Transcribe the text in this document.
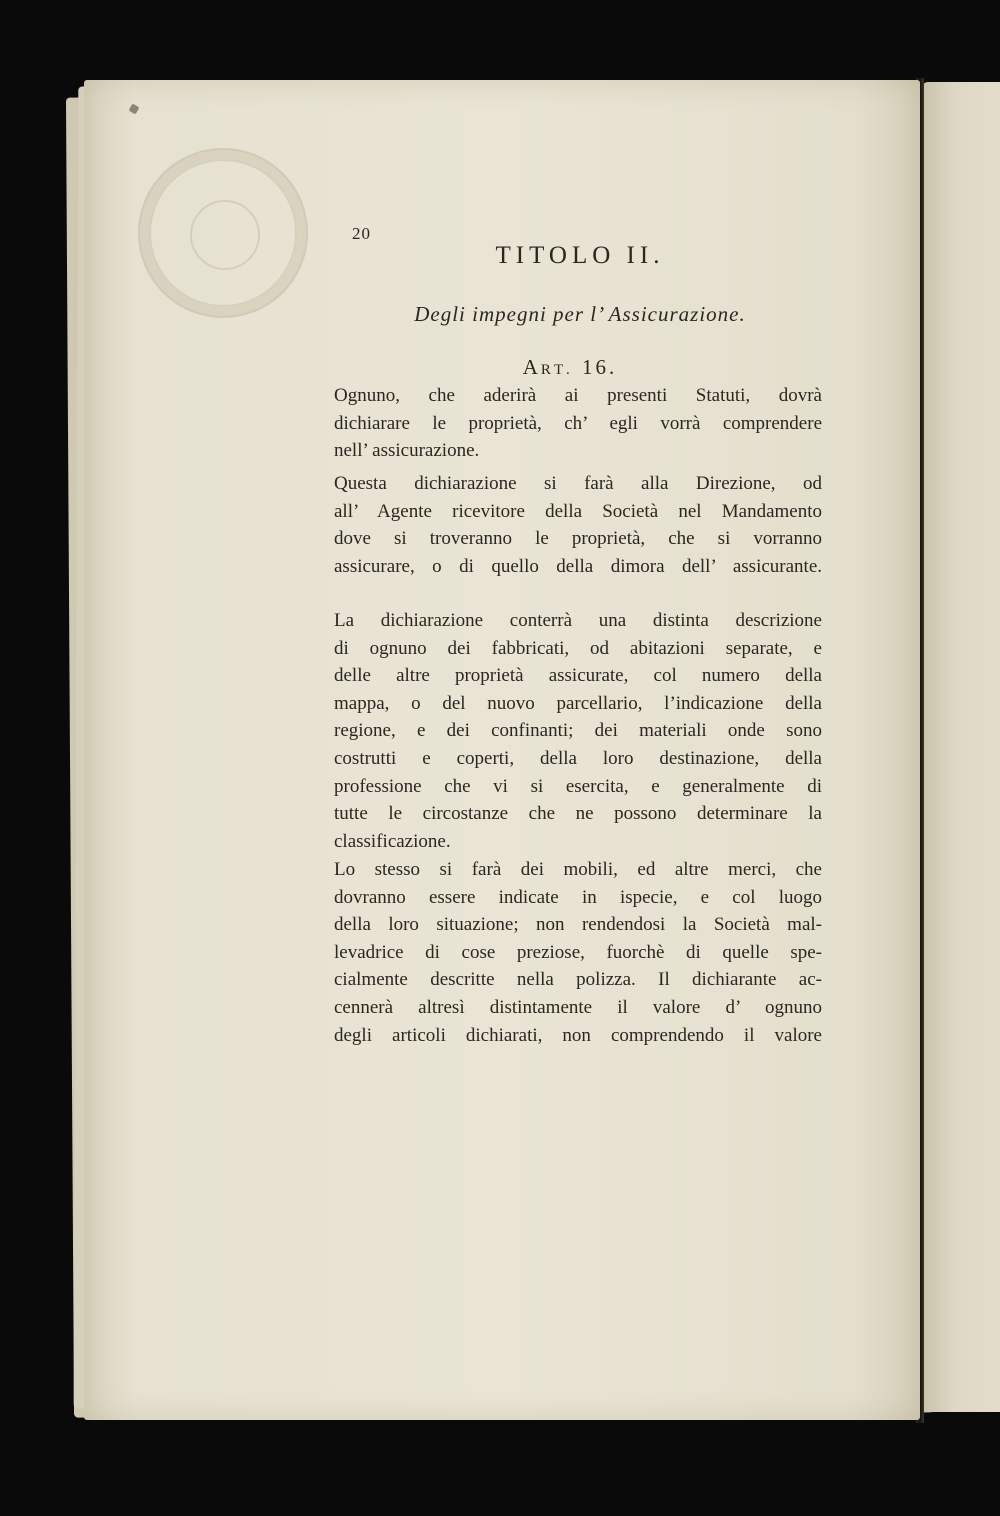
20
TITOLO II.
Degli impegni per l’ Assicurazione.
ART. 16.
Ognuno, che aderirà ai presenti Statuti, dovrà
dichiarare le proprietà, ch’ egli vorrà comprendere
nell’ assicurazione.
Questa dichiarazione si farà alla Direzione, od
all’ Agente ricevitore della Società nel Mandamento
dove si troveranno le proprietà, che si vorranno
assicurare, o di quello della dimora dell’ assicurante.
La dichiarazione conterrà una distinta descrizione
di ognuno dei fabbricati, od abitazioni separate, e
delle altre proprietà assicurate, col numero della
mappa, o del nuovo parcellario, l’indicazione della
regione, e dei confinanti; dei materiali onde sono
costrutti e coperti, della loro destinazione, della
professione che vi si esercita, e generalmente di
tutte le circostanze che ne possono determinare la
classificazione.
Lo stesso si farà dei mobili, ed altre merci, che
dovranno essere indicate in ispecie, e col luogo
della loro situazione; non rendendosi la Società mal-
levadrice di cose preziose, fuorchè di quelle spe-
cialmente descritte nella polizza. Il dichiarante ac-
cennerà altresì distintamente il valore d’ ognuno
degli articoli dichiarati, non comprendendo il valore
